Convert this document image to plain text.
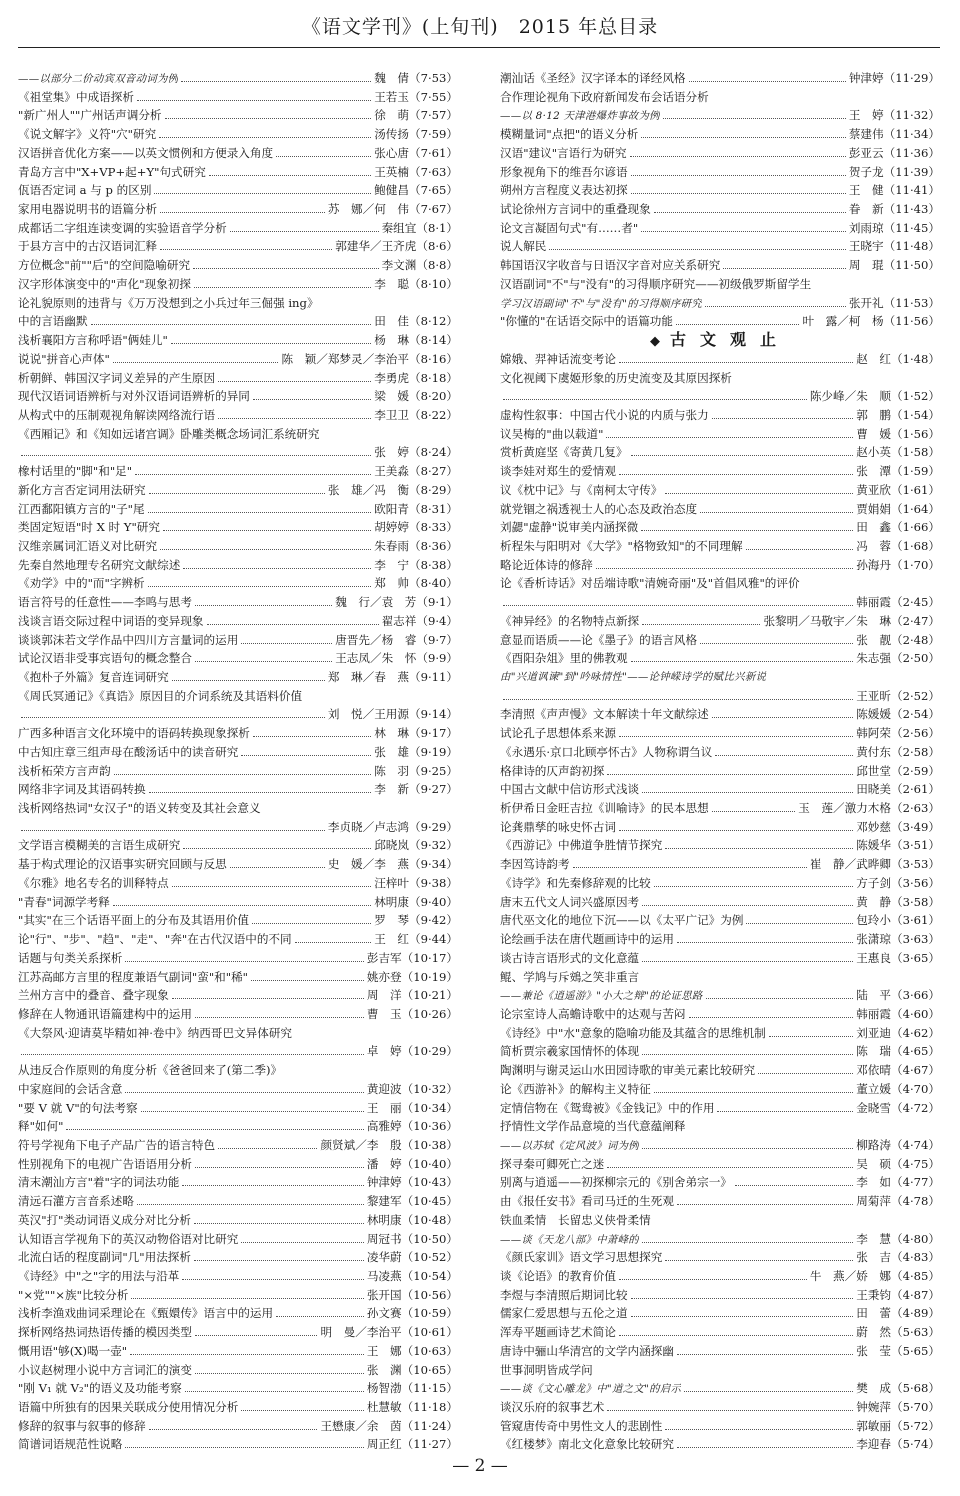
《语文学刊》(上旬刊)　2015 年总目录
——以部分二价动宾双音动词为例	魏　倩（7·53）
《祖堂集》中成语探析	王若玉（7·55）
"新广州人""广州话声调分析	徐　萌（7·57）
《说文解字》义符"穴"研究	汤传扬（7·59）
汉语拼音优化方案——以英文惯例和方便录入角度	张心唐（7·61）
青岛方言中"X+VP+起+Y"句式研究	王英楠（7·63）
佤语否定词 a 与 p 的区别	鲍健昌（7·65）
家用电器说明书的语篇分析	苏　娜／何　伟（7·67）
成都话二字组连读变调的实验语音学分析	秦组宜（8·1）
于县方言中的古汉语词汇释	郭建华／王齐虎（8·6）
方位概念"前""后"的空间隐喻研究	李文渊（8·8）
汉字形体演变中的"声化"现象初探	李　聪（8·10）
论礼貌原则的违背与《万万没想到之小兵过年三倔强 ing》
中的言语幽默	田　佳（8·12）
浅析襄阳方言称呼语"俩娃儿"	杨　琳（8·14）
说说"拼音心声体"	陈　颖／郑梦灵／李治平（8·16）
析朝鲜、韩国汉字词义差异的产生原因	李勇虎（8·18）
现代汉语词语辨析与对外汉语词语辨析的异同	梁　媛（8·20）
从构式中的压制观视角解读网络流行语	李卫卫（8·22）
《西厢记》和《知如远诸宫调》卧雕类概念场词汇系统研究
张　婷（8·24）
橡村话里的"脚"和"足"	王美淼（8·27）
新化方言否定词用法研究	张　雄／冯　衡（8·29）
江西鄱阳镇方言的"子"尾	欧阳青（8·31）
类固定短语"时 X 时 Y"研究	胡婷婷（8·33）
汉维亲属词汇语义对比研究	朱春雨（8·36）
先秦自然地理专名研究文献综述	李　宁（8·38）
《劝学》中的"而"字辨析	郑　帅（8·40）
语言符号的任意性——李鸣与思考	魏　行／袁　芳（9·1）
浅谈言语交际过程中词语的变异现象	翟志祥（9·4）
谈谈郭沫若文学作品中四川方言量词的运用	唐晋先／杨　睿（9·7）
试论汉语非受事宾语句的概念整合	王志凤／朱　怀（9·9）
《抱朴子外篇》复音连词研究	郑　琳／春　燕（9·11）
《周氏冥通记》《真诰》原因目的介词系统及其语料价值
刘　悦／王用源（9·14）
广西多种语言文化环境中的语码转换现象探析	林　琳（9·17）
中古知庄章三组声母在酸汤话中的读音研究	张　雄（9·19）
浅析柘荣方言声韵	陈　羽（9·25）
网络非字词及其语码转换	李　新（9·27）
浅析网络热词"女汉子"的语义转变及其社会意义
李贞晓／卢志鸿（9·29）
文学语言模糊美的言语生成研究	邱晓岚（9·32）
基于构式理论的汉语事实研究回顾与反思	史　媛／李　燕（9·34）
《尔雅》地名专名的训释特点	汪梓叶（9·38）
"青春"词源学考释	林明康（9·40）
"其实"在三个话语平面上的分布及其语用价值	罗　琴（9·42）
论"行"、"步"、"趋"、"走"、"奔"在古代汉语中的不同	王　红（9·44）
话题与句类关系探析	彭吉军（10·17）
江苏高邮方言里的程度兼语气副词"蛮"和"稀"	姚亦登（10·19）
兰州方言中的叠音、叠字现象	周　洋（10·21）
修辞在人物通讯语篇建构中的运用	曹　玉（10·26）
《大祭风·迎请莫毕精如神·卷中》纳西哥巴文异体研究
卓　婷（10·29）
从违反合作原则的角度分析《爸爸回来了(第二季)》
中家庭间的会话含意	黄迎波（10·32）
"要 V 就 V"的句法考察	王　丽（10·34）
释"如何"	高雅婷（10·36）
符号学视角下电子产品广告的语言特色	颜贤斌／李　殷（10·38）
性别视角下的电视广告语语用分析	潘　婷（10·40）
清末潮汕方言"着"字的词法功能	钟津婷（10·43）
清远石灌方言音系述略	黎建军（10·45）
英汉"打"类动词语义成分对比分析	林明康（10·48）
认知语言学视角下的英汉动物俗语对比研究	周冠书（10·50）
北流白话的程度副词"几"用法探析	凌华蔚（10·52）
《诗经》中"之"字的用法与沿革	马凌燕（10·54）
"×党""×族"比较分析	张开国（10·56）
浅析李渔戏曲词采理论在《甄嬛传》语言中的运用	孙文赛（10·59）
探析网络热词热语传播的模因类型	明　曼／李治平（10·61）
慨用语"够(X)喝一壶"	王　娜（10·63）
小议赵树理小说中方言词汇的演变	张　渊（10·65）
"刚 V₁ 就 V₂"的语义及功能考察	杨智渤（11·15）
语篇中所独有的因果关联成分使用情况分析	杜慧敏（11·18）
修辞的叙事与叙事的修辞	王懋康／余　茵（11·24）
简谱词语规范性说略	周正红（11·27）
潮汕话《圣经》汉字译本的译经风格	钟津婷（11·29）
合作理论视角下政府新闻发布会话语分析
——以 8·12 天津港爆炸事故为例	王　婷（11·32）
模糊量词"点把"的语义分析	蔡建伟（11·34）
汉语"建议"言语行为研究	彭亚云（11·36）
形象视角下的维吾尔谚语	贺子龙（11·39）
朔州方言程度义表达初探	王　健（11·41）
试论徐州方言词中的重叠现象	眷　新（11·43）
论文言凝固句式"有……者"	刘雨琼（11·45）
说人解民	王晓宇（11·48）
韩国语汉字收音与日语汉字音对应关系研究	周　琨（11·50）
汉语副词"不"与"没有"的习得顺序研究——初级俄罗斯留学生
学习汉语副词"不"与"没有"的习得顺序研究	张开礼（11·53）
"你懂的"在话语交际中的语篇功能	叶　露／柯　杨（11·56）
◆ 古文观止
嫦娥、羿神话流变考论	赵　红（1·48）
文化视阈下虞姬形象的历史流变及其原因探析
陈少峰／朱　顺（1·52）
虚构性叙事：中国古代小说的内质与张力	郭　鹏（1·54）
议吴梅的"曲以载道"	曹　媛（1·56）
赏析黄庭坚《寄黄几复》	赵小英（1·58）
谈李娃对郑生的爱情观	张　潭（1·59）
议《枕中记》与《南柯太守传》	黄亚欣（1·61）
就党锢之祸透视士人的心态及政治态度	贾娟娟（1·64）
刘勰"虚静"说审美内涵探微	田　鑫（1·66）
析程朱与阳明对《大学》"格物致知"的不同理解	冯　蓉（1·68）
略论近体诗的修辞	孙海丹（1·70）
论《香析诗话》对岳端诗歌"清婉奇丽"及"首倡风雅"的评价
韩丽霞（2·45）
《神异经》的名物特点新探	张黎明／马敬宇／朱　琳（2·47）
意显而语质——论《墨子》的语言风格	张　靓（2·48）
《酉阳杂俎》里的佛教观	朱志强（2·50）
由"兴道讽谏"到"吟咏情性"——论钟嵘诗学的赋比兴新说
王亚昕（2·52）
李清照《声声慢》文本解读十年文献综述	陈媛媛（2·54）
试论孔子思想体系来源	韩阿荣（2·56）
《永遇乐·京口北顾亭怀古》人物称谓刍议	黄付东（2·58）
格律诗的仄声韵初探	邱世堂（2·59）
中国古文献中信访形式浅谈	田晓美（2·61）
析伊希日金旺吉拉《训喻诗》的民本思想	玉　莲／激力木格（2·63）
论龚鼎孳的咏史怀古词	邓妙慈（3·49）
《西游记》中佛道争胜情节探究	陈媛华（3·51）
李因笃诗韵考	崔　静／武晔卿（3·53）
《诗学》和先秦修辞观的比较	方子剑（3·56）
唐末五代文人词兴盛原因考	黄　静（3·58）
唐代巫文化的地位下沉——以《太平广记》为例	包玲小（3·61）
论绘画手法在唐代题画诗中的运用	张潇琼（3·63）
谈古诗言语形式的文化意蕴	王惠良（3·65）
鲲、学鸠与斥鴳之笑非重言
——兼论《逍遥游》"小大之辩"的论证思路	陆　平（3·66）
论宗室诗人高蟾诗歌中的达观与苦闷	韩丽霞（4·60）
《诗经》中"水"意象的隐喻功能及其蕴含的思维机制	刘亚迪（4·62）
简析贾宗羲家国情怀的体现	陈　瑞（4·65）
陶渊明与谢灵运山水田园诗歌的审美元素比较研究	邓依晴（4·67）
论《西游补》的解构主义特征	董立媛（4·70）
定情信物在《鸳鸯被》《金钱记》中的作用	金晓雪（4·72）
抒情性文学作品意境的当代意蕴阐释
——以苏轼《定风波》词为例	柳路涛（4·74）
探寻秦可卿死亡之迷	吴　硕（4·75）
别离与逍遥——初探柳宗元的《别舍弟宗一》	李　如（4·77）
由《报任安书》看司马迁的生死观	周菊萍（4·78）
铁血柔情　长留忠义侠骨柔情
——谈《天龙八部》中萧峰的	李　慧（4·80）
《颜氏家训》语文学习思想探究	张　吉（4·83）
谈《论语》的教育价值	牛　燕／娇　娜（4·85）
李煜与李清照后期词比较	王秉钧（4·87）
儒家仁爱思想与五伦之道	田　蕾（4·89）
浑寿平题画诗艺术简论	蔚　然（5·63）
唐诗中骊山华清宫的文学内涵探幽	张　莹（5·65）
世事洞明皆成学问
——谈《文心雕龙》中"道之文"的启示	樊　成（5·68）
谈汉乐府的叙事艺术	钟婉萍（5·70）
管窥唐传奇中男性文人的悲剧性	郭敏丽（5·72）
《红楼梦》南北文化意象比较研究	李迎春（5·74）
— 2 —
